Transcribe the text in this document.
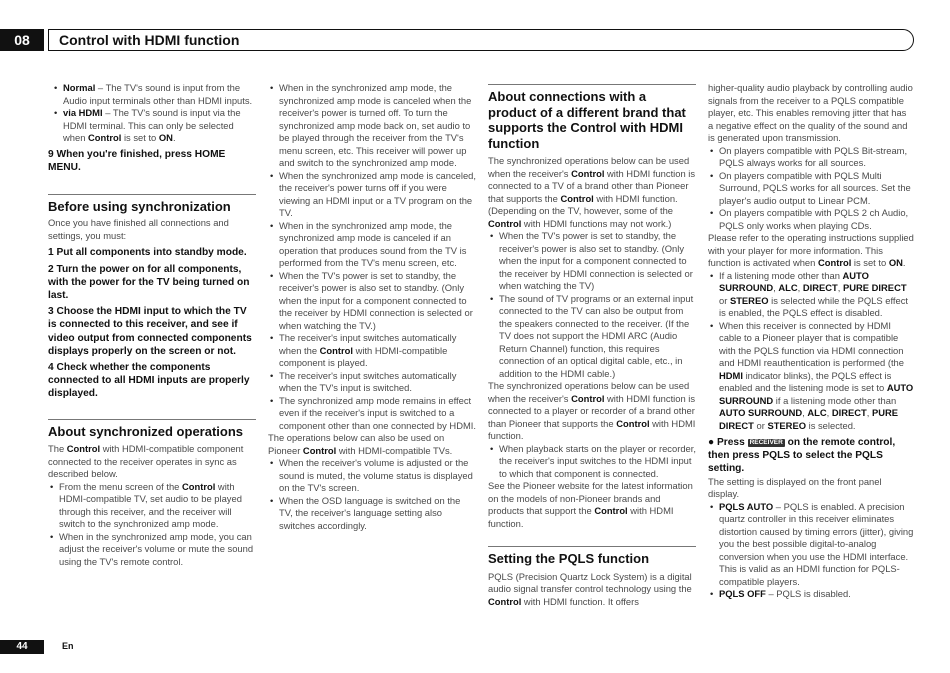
08	Control with HDMI function
• Normal – The TV's sound is input from the Audio input terminals other than HDMI inputs.
• via HDMI – The TV's sound is input via the HDMI terminal. This can only be selected when Control is set to ON.

9 When you're finished, press HOME MENU.

Before using synchronization

Once you have finished all connections and settings, you must:

1 Put all components into standby mode.

2 Turn the power on for all components, with the power for the TV being turned on last.

3 Choose the HDMI input to which the TV is connected to this receiver, and see if video output from connected components displays properly on the screen or not.

4 Check whether the components connected to all HDMI inputs are properly displayed.

About synchronized operations

The Control with HDMI-compatible component connected to the receiver operates in sync as described below.

• From the menu screen of the Control with HDMI-compatible TV, set audio to be played through this receiver, and the receiver will switch to the synchronized amp mode.
• When in the synchronized amp mode, you can adjust the receiver's volume or mute the sound using the TV's remote control.
• When in the synchronized amp mode, the synchronized amp mode is canceled when the receiver's power is turned off. To turn the synchronized amp mode back on, set audio to be played through the receiver from the TV's menu screen, etc. This receiver will power up and switch to the synchronized amp mode.
• When the synchronized amp mode is canceled, the receiver's power turns off if you were viewing an HDMI input or a TV program on the TV.
• When in the synchronized amp mode, the synchronized amp mode is canceled if an operation that produces sound from the TV is performed from the TV's menu screen, etc.
• When the TV's power is set to standby, the receiver's power is also set to standby. (Only when the input for a component connected to the receiver by HDMI connection is selected or when watching the TV.)
• The receiver's input switches automatically when the Control with HDMI-compatible component is played.
• The receiver's input switches automatically when the TV's input is switched.
• The synchronized amp mode remains in effect even if the receiver's input is switched to a component other than one connected by HDMI.

The operations below can also be used on Pioneer Control with HDMI-compatible TVs.

• When the receiver's volume is adjusted or the sound is muted, the volume status is displayed on the TV's screen.
• When the OSD language is switched on the TV, the receiver's language setting also switches accordingly.
About connections with a product of a different brand that supports the Control with HDMI function

The synchronized operations below can be used when the receiver's Control with HDMI function is connected to a TV of a brand other than Pioneer that supports the Control with HDMI function. (Depending on the TV, however, some of the Control with HDMI functions may not work.)

• When the TV's power is set to standby, the receiver's power is also set to standby. (Only when the input for a component connected to the receiver by HDMI connection is selected or when watching the TV)
• The sound of TV programs or an external input connected to the TV can also be output from the speakers connected to the receiver. (If the TV does not support the HDMI ARC (Audio Return Channel) function, this requires connection of an optical digital cable, etc., in addition to the HDMI cable.)

The synchronized operations below can be used when the receiver's Control with HDMI function is connected to a player or recorder of a brand other than Pioneer that supports the Control with HDMI function.

• When playback starts on the player or recorder, the receiver's input switches to the HDMI input to which that component is connected.

See the Pioneer website for the latest information on the models of non-Pioneer brands and products that support the Control with HDMI function.

Setting the PQLS function

PQLS (Precision Quartz Lock System) is a digital audio signal transfer control technology using the Control with HDMI function. It offers

higher-quality audio playback by controlling audio signals from the receiver to a PQLS compatible player, etc. This enables removing jitter that has a negative effect on the quality of the sound and is generated upon transmission.

• On players compatible with PQLS Bit-stream, PQLS always works for all sources.
• On players compatible with PQLS Multi Surround, PQLS works for all sources. Set the player's audio output to Linear PCM.
• On players compatible with PQLS 2 ch Audio, PQLS only works when playing CDs.

Please refer to the operating instructions supplied with your player for more information. This function is activated when Control is set to ON.

• If a listening mode other than AUTO SURROUND, ALC, DIRECT, PURE DIRECT or STEREO is selected while the PQLS effect is enabled, the PQLS effect is disabled.
• When this receiver is connected by HDMI cable to a Pioneer player that is compatible with the PQLS function via HDMI connection and HDMI reauthentication is performed (the HDMI indicator blinks), the PQLS effect is enabled and the listening mode is set to AUTO SURROUND if a listening mode other than AUTO SURROUND, ALC, DIRECT, PURE DIRECT or STEREO is selected.

● Press RECEIVER on the remote control, then press PQLS to select the PQLS setting.

The setting is displayed on the front panel display.

• PQLS AUTO – PQLS is enabled. A precision quartz controller in this receiver eliminates distortion caused by timing errors (jitter), giving you the best possible digital-to-analog conversion when you use the HDMI interface. This is valid as an HDMI function for PQLS-compatible players.
• PQLS OFF – PQLS is disabled.
44	En
